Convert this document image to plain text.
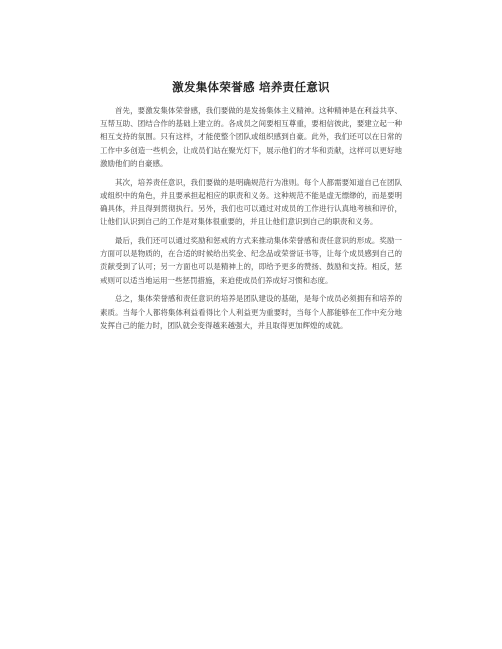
激发集体荣誉感 培养责任意识

首先，要激发集体荣誉感，我们要做的是发扬集体主义精神。这种精神是在利益共享、互帮互助、团结合作的基础上建立的。各成员之间要相互尊重，要相信彼此，要建立起一种相互支持的氛围。只有这样，才能使整个团队或组织感到自豪。此外，我们还可以在日常的工作中多创造一些机会，让成员们站在聚光灯下，展示他们的才华和贡献，这样可以更好地激励他们的自豪感。

其次，培养责任意识，我们要做的是明确规范行为准则。每个人都需要知道自己在团队或组织中的角色，并且要承担起相应的职责和义务。这种规范不能是虚无缥缈的，而是要明确具体，并且得到贯彻执行。另外，我们也可以通过对成员的工作进行认真地考核和评价，让他们认识到自己的工作是对集体很重要的，并且让他们意识到自己的职责和义务。

最后，我们还可以通过奖励和惩戒的方式来推动集体荣誉感和责任意识的形成。奖励一方面可以是物质的，在合适的时候给出奖金、纪念品或荣誉证书等，让每个成员感到自己的贡献受到了认可；另一方面也可以是精神上的，即给予更多的赞扬、鼓励和支持。相反，惩戒则可以适当地运用一些惩罚措施，来迫使成员们养成好习惯和态度。

总之，集体荣誉感和责任意识的培养是团队建设的基础，是每个成员必须拥有和培养的素质。当每个人都将集体利益看得比个人利益更为重要时，当每个人都能够在工作中充分地发挥自己的能力时，团队就会变得越来越强大，并且取得更加辉煌的成就。
